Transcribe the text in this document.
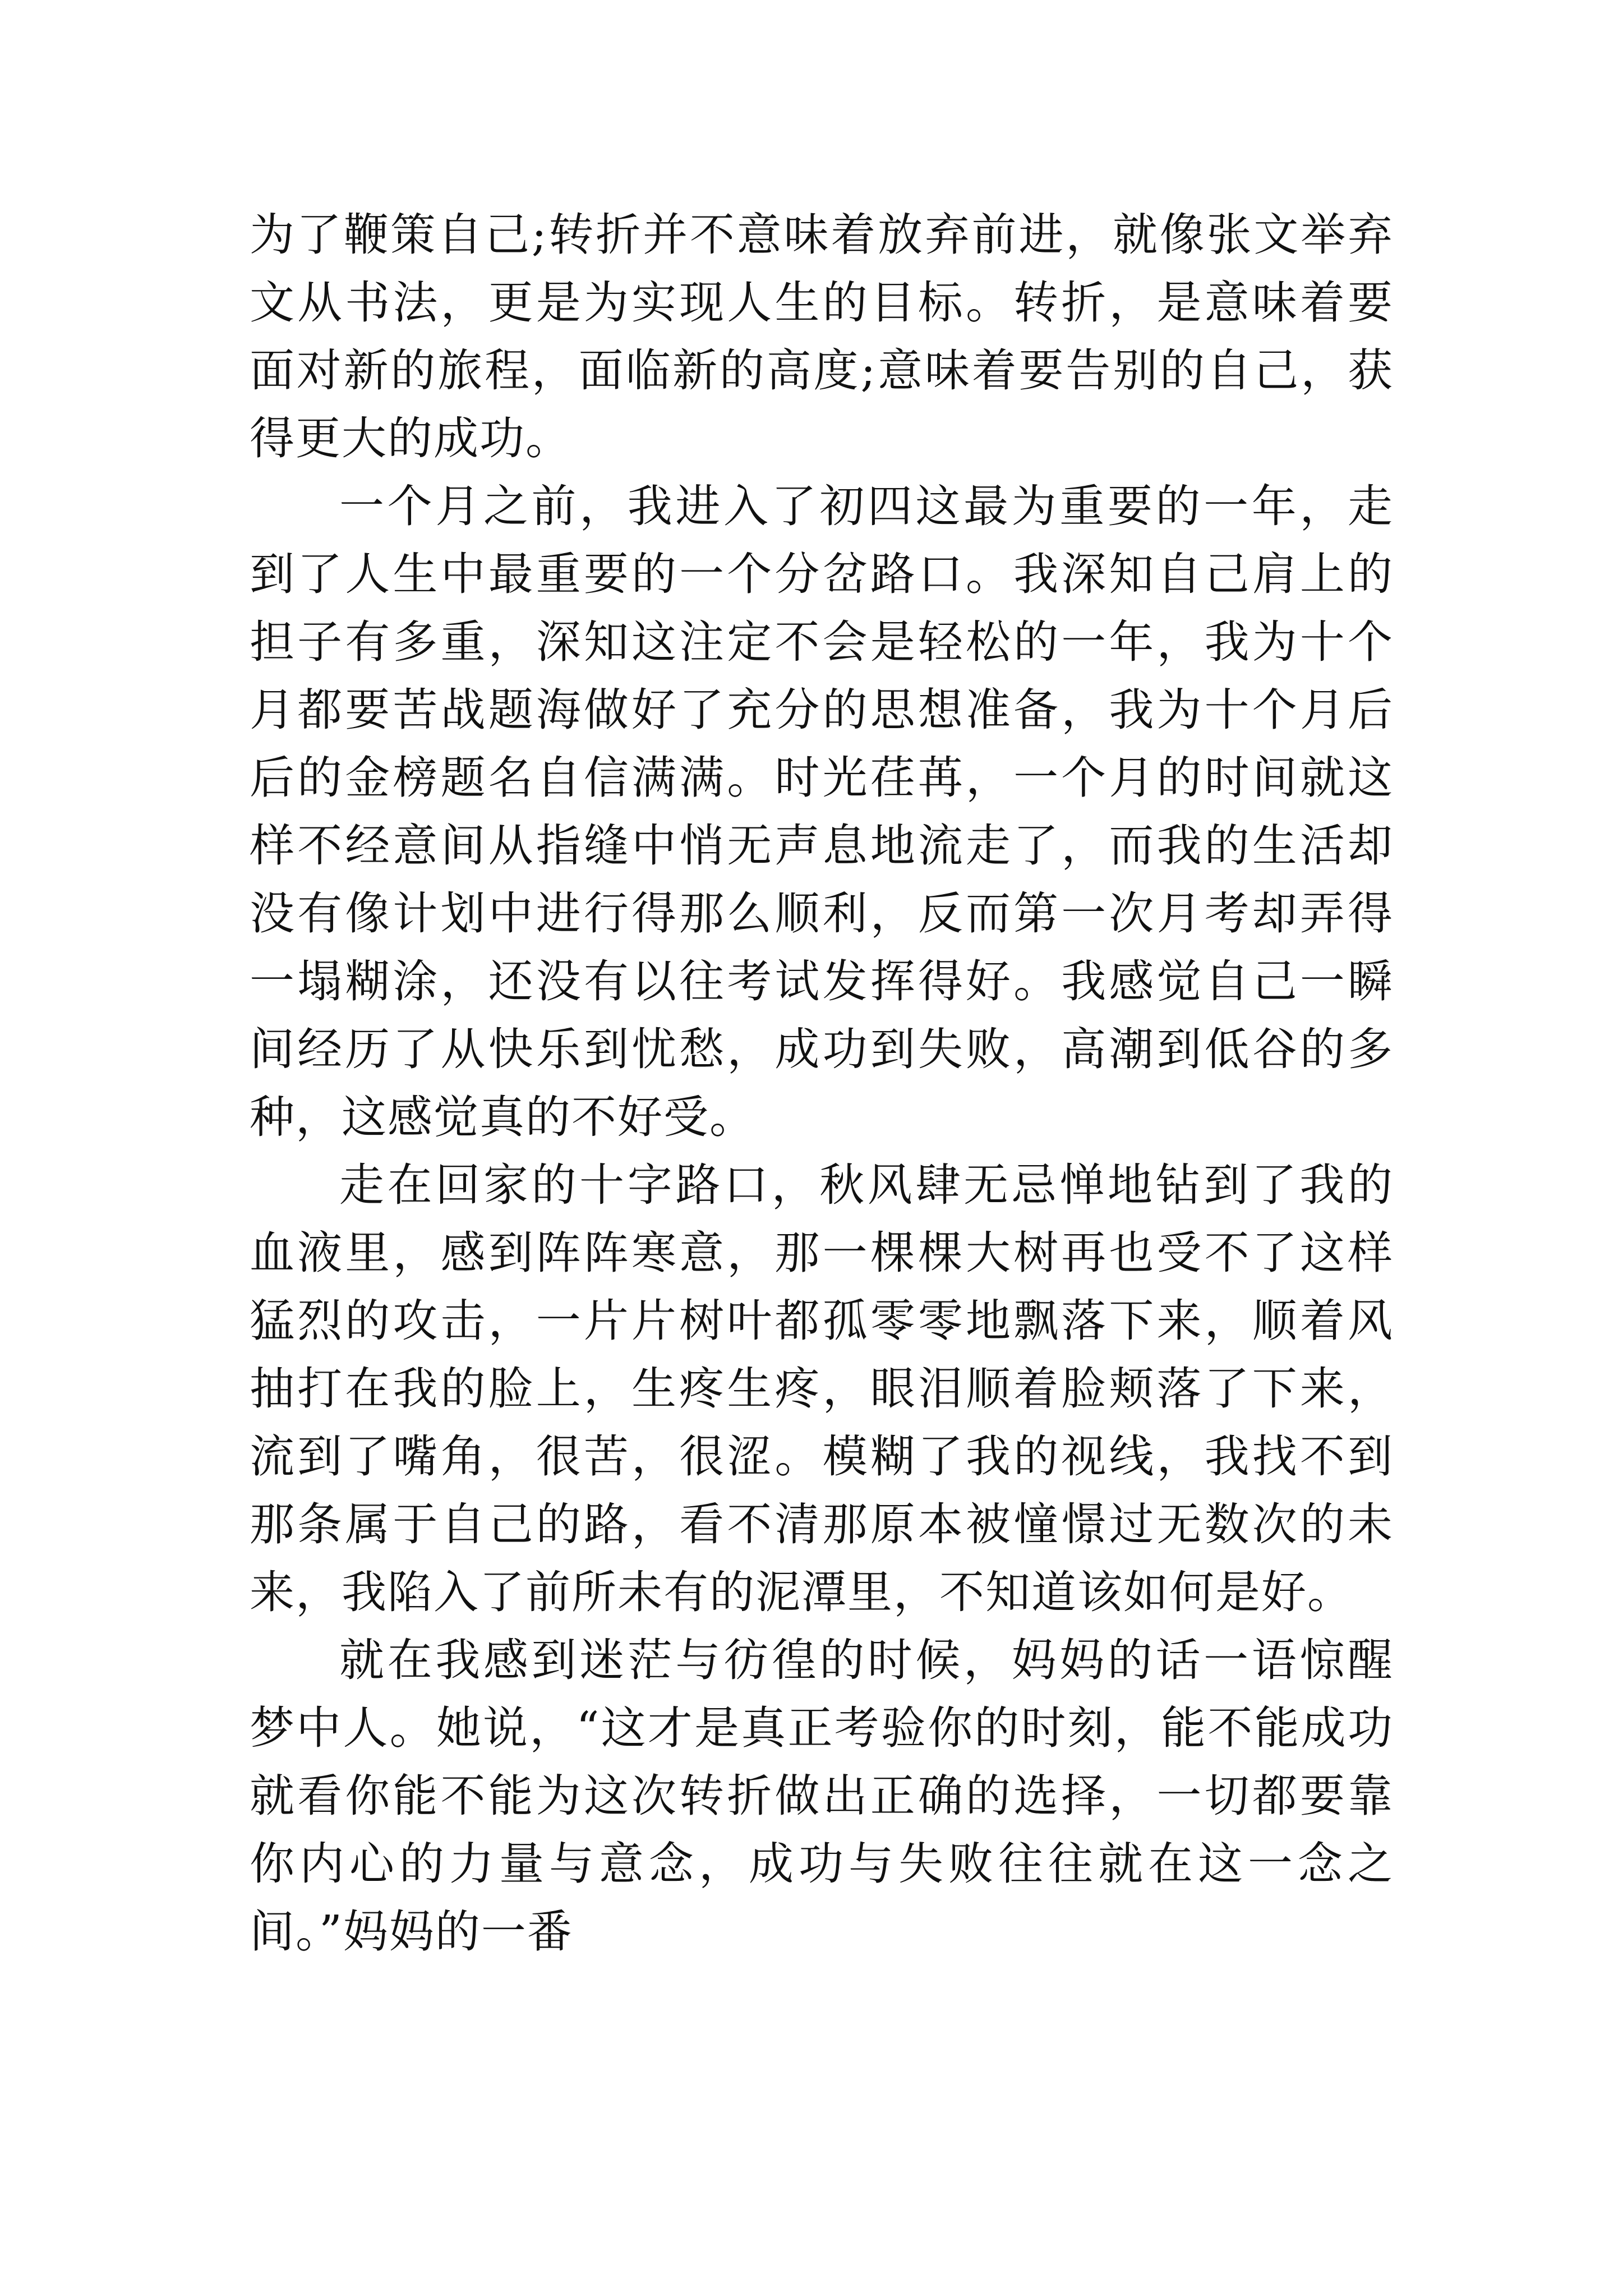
为了鞭策自己;转折并不意味着放弃前进，就像张文举弃文从书法，更是为实现人生的目标。转折，是意味着要面对新的旅程，面临新的高度;意味着要告别的自己，获得更大的成功。

一个月之前，我进入了初四这最为重要的一年，走到了人生中最重要的一个分岔路口。我深知自己肩上的担子有多重，深知这注定不会是轻松的一年，我为十个月都要苦战题海做好了充分的思想准备，我为十个月后后的金榜题名自信满满。时光荏苒，一个月的时间就这样不经意间从指缝中悄无声息地流走了，而我的生活却没有像计划中进行得那么顺利，反而第一次月考却弄得一塌糊涂，还没有以往考试发挥得好。我感觉自己一瞬间经历了从快乐到忧愁，成功到失败，高潮到低谷的多种，这感觉真的不好受。

走在回家的十字路口，秋风肆无忌惮地钻到了我的血液里，感到阵阵寒意，那一棵棵大树再也受不了这样猛烈的攻击，一片片树叶都孤零零地飘落下来，顺着风抽打在我的脸上，生疼生疼，眼泪顺着脸颊落了下来，流到了嘴角，很苦，很涩。模糊了我的视线，我找不到那条属于自己的路，看不清那原本被憧憬过无数次的未来，我陷入了前所未有的泥潭里，不知道该如何是好。

就在我感到迷茫与彷徨的时候，妈妈的话一语惊醒梦中人。她说，“这才是真正考验你的时刻，能不能成功就看你能不能为这次转折做出正确的选择，一切都要靠你内心的力量与意念，成功与失败往往就在这一念之间。”妈妈的一番
